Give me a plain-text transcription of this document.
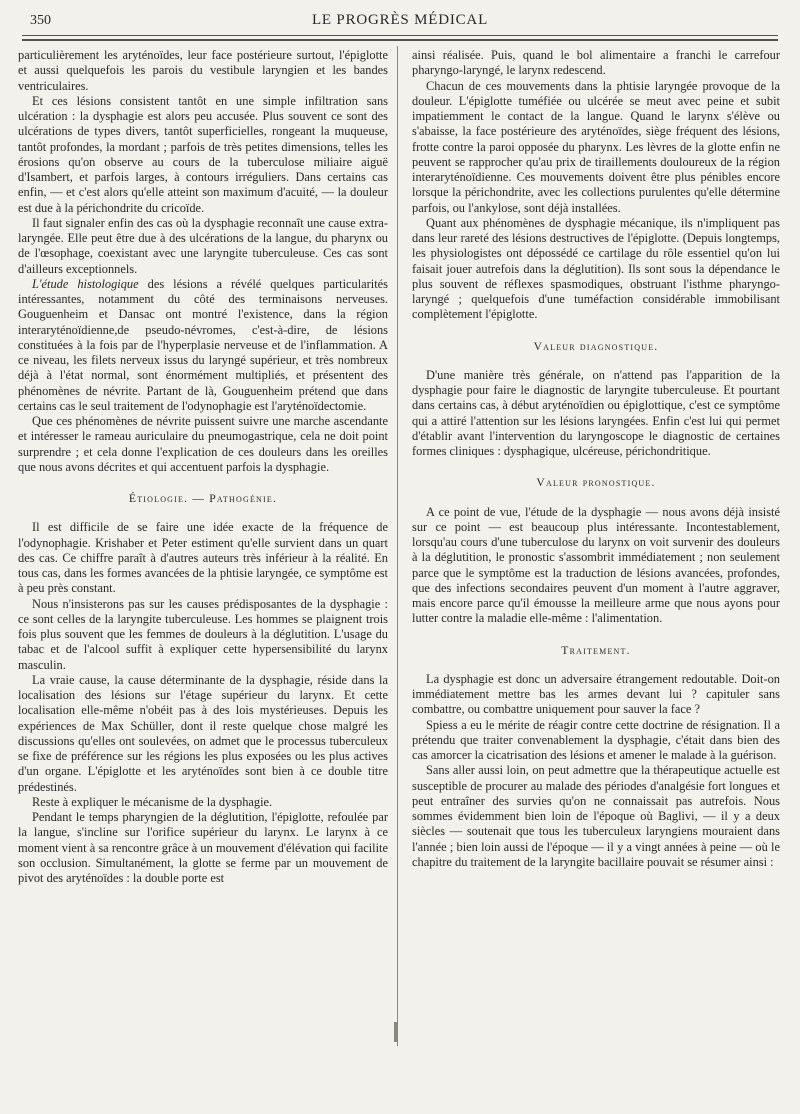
350	LE PROGRÈS MÉDICAL

particulièrement les aryténoïdes, leur face postérieure surtout, l'épiglotte et aussi quelquefois les parois du vestibule laryngien et les bandes ventriculaires.

Et ces lésions consistent tantôt en une simple infiltration sans ulcération : la dysphagie est alors peu accusée. Plus souvent ce sont des ulcérations de types divers, tantôt superficielles, rongeant la muqueuse, tantôt profondes, la mordant ; parfois de très petites dimensions, telles les érosions qu'on observe au cours de la tuberculose miliaire aiguë d'Isambert, et parfois larges, à contours irréguliers. Dans certains cas enfin, — et c'est alors qu'elle atteint son maximum d'acuité, — la douleur est due à la périchondrite du cricoïde.

Il faut signaler enfin des cas où la dysphagie reconnaît une cause extra-laryngée. Elle peut être due à des ulcérations de la langue, du pharynx ou de l'œsophage, coexistant avec une laryngite tuberculeuse. Ces cas sont d'ailleurs exceptionnels.

L'étude histologique des lésions a révélé quelques particularités intéressantes, notamment du côté des terminaisons nerveuses. Gouguenheim et Dansac ont montré l'existence, dans la région interaryténoïdienne,de pseudo-névromes, c'est-à-dire, de lésions constituées à la fois par de l'hyperplasie nerveuse et de l'inflammation. A ce niveau, les filets nerveux issus du laryngé supérieur, et très nombreux déjà à l'état normal, sont énormément multipliés, et présentent des phénomènes de névrite. Partant de là, Gouguenheim prétend que dans certains cas le seul traitement de l'odynophagie est l'aryténoïdectomie.

Que ces phénomènes de névrite puissent suivre une marche ascendante et intéresser le rameau auriculaire du pneumogastrique, cela ne doit point surprendre ; et cela donne l'explication de ces douleurs dans les oreilles que nous avons décrites et qui accentuent parfois la dysphagie.

Étiologie. — Pathogénie.

Il est difficile de se faire une idée exacte de la fréquence de l'odynophagie. Krishaber et Peter estiment qu'elle survient dans un quart des cas. Ce chiffre paraît à d'autres auteurs très inférieur à la réalité. En tous cas, dans les formes avancées de la phtisie laryngée, ce symptôme est à peu près constant.

Nous n'insisterons pas sur les causes prédisposantes de la dysphagie : ce sont celles de la laryngite tuberculeuse. Les hommes se plaignent trois fois plus souvent que les femmes de douleurs à la déglutition. L'usage du tabac et de l'alcool suffit à expliquer cette hypersensibilité du larynx masculin.

La vraie cause, la cause déterminante de la dysphagie, réside dans la localisation des lésions sur l'étage supérieur du larynx. Et cette localisation elle-même n'obéit pas à des lois mystérieuses. Depuis les expériences de Max Schüller, dont il reste quelque chose malgré les discussions qu'elles ont soulevées, on admet que le processus tuberculeux se fixe de préférence sur les régions les plus exposées ou les plus actives d'un organe. L'épiglotte et les aryténoïdes sont bien à ce double titre prédestinés.

Reste à expliquer le mécanisme de la dysphagie.

Pendant le temps pharyngien de la déglutition, l'épiglotte, refoulée par la langue, s'incline sur l'orifice supérieur du larynx. Le larynx à ce moment vient à sa rencontre grâce à un mouvement d'élévation qui facilite son occlusion. Simultanément, la glotte se ferme par un mouvement de pivot des aryténoïdes : la double porte est

ainsi réalisée. Puis, quand le bol alimentaire a franchi le carrefour pharyngo-laryngé, le larynx redescend.

Chacun de ces mouvements dans la phtisie laryngée provoque de la douleur. L'épiglotte tuméfiée ou ulcérée se meut avec peine et subit impatiemment le contact de la langue. Quand le larynx s'élève ou s'abaisse, la face postérieure des aryténoïdes, siège fréquent des lésions, frotte contre la paroi opposée du pharynx. Les lèvres de la glotte enfin ne peuvent se rapprocher qu'au prix de tiraillements douloureux de la région interaryténoïdienne. Ces mouvements doivent être plus pénibles encore lorsque la périchondrite, avec les collections purulentes qu'elle détermine parfois, ou l'ankylose, sont déjà installées.

Quant aux phénomènes de dysphagie mécanique, ils n'impliquent pas dans leur rareté des lésions destructives de l'épiglotte. (Depuis longtemps, les physiologistes ont dépossédé ce cartilage du rôle essentiel qu'on lui faisait jouer autrefois dans la déglutition). Ils sont sous la dépendance le plus souvent de réflexes spasmodiques, obstruant l'isthme pharyngo-laryngé ; quelquefois d'une tuméfaction considérable immobilisant complètement l'épiglotte.

Valeur diagnostique.

D'une manière très générale, on n'attend pas l'apparition de la dysphagie pour faire le diagnostic de laryngite tuberculeuse. Et pourtant dans certains cas, à début aryténoïdien ou épiglottique, c'est ce symptôme qui a attiré l'attention sur les lésions laryngées. Enfin c'est lui qui permet d'établir avant l'intervention du laryngoscope le diagnostic de certaines formes cliniques : dysphagique, ulcéreuse, périchondritique.

Valeur pronostique.

A ce point de vue, l'étude de la dysphagie — nous avons déjà insisté sur ce point — est beaucoup plus intéressante. Incontestablement, lorsqu'au cours d'une tuberculose du larynx on voit survenir des douleurs à la déglutition, le pronostic s'assombrit immédiatement ; non seulement parce que le symptôme est la traduction de lésions avancées, profondes, que des infections secondaires peuvent d'un moment à l'autre aggraver, mais encore parce qu'il émousse la meilleure arme que nous ayons pour lutter contre la maladie elle-même : l'alimentation.

Traitement.

La dysphagie est donc un adversaire étrangement redoutable. Doit-on immédiatement mettre bas les armes devant lui ? capituler sans combattre, ou combattre uniquement pour sauver la face ?

Spiess a eu le mérite de réagir contre cette doctrine de résignation. Il a prétendu que traiter convenablement la dysphagie, c'était dans bien des cas amorcer la cicatrisation des lésions et amener le malade à la guérison.

Sans aller aussi loin, on peut admettre que la thérapeutique actuelle est susceptible de procurer au malade des périodes d'analgésie fort longues et peut entraîner des survies qu'on ne connaissait pas autrefois. Nous sommes évidemment bien loin de l'époque où Baglivi, — il y a deux siècles — soutenait que tous les tuberculeux laryngiens mouraient dans l'année ; bien loin aussi de l'époque — il y a vingt années à peine — où le chapitre du traitement de la laryngite bacillaire pouvait se résumer ainsi :
